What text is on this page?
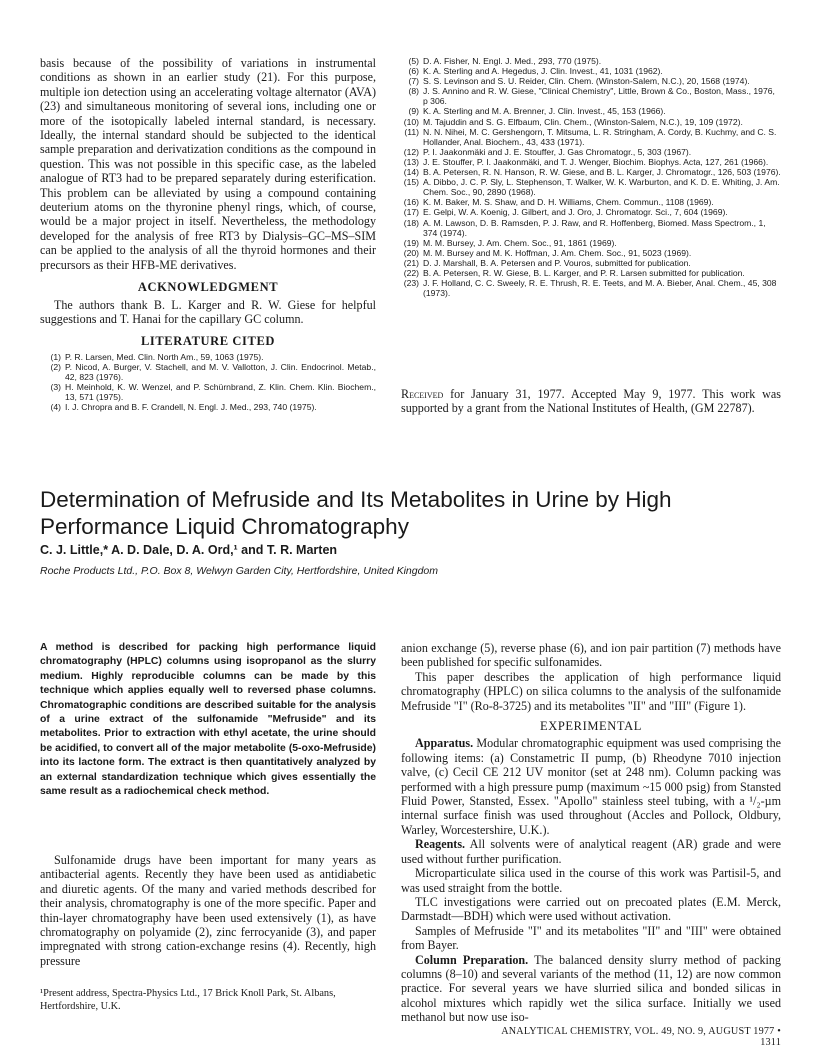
basis because of the possibility of variations in instrumental conditions as shown in an earlier study (21). For this purpose, multiple ion detection using an accelerating voltage alternator (AVA) (23) and simultaneous monitoring of several ions, including one or more of the isotopically labeled internal standard, is necessary. Ideally, the internal standard should be subjected to the identical sample preparation and derivatization conditions as the compound in question. This was not possible in this specific case, as the labeled analogue of RT3 had to be prepared separately during esterification. This problem can be alleviated by using a compound containing deuterium atoms on the thyronine phenyl rings, which, of course, would be a major project in itself. Nevertheless, the methodology developed for the analysis of free RT3 by Dialysis–GC–MS–SIM can be applied to the analysis of all the thyroid hormones and their precursors as their HFB-ME derivatives.

ACKNOWLEDGMENT

The authors thank B. L. Karger and R. W. Giese for helpful suggestions and T. Hanai for the capillary GC column.

LITERATURE CITED
(1) P. R. Larsen, Med. Clin. North Am., 59, 1063 (1975).
(2) P. Nicod, A. Burger, V. Stachell, and M. V. Vallotton, J. Clin. Endocrinol. Metab., 42, 823 (1976).
(3) H. Meinhold, K. W. Wenzel, and P. Schürnbrand, Z. Klin. Chem. Klin. Biochem., 13, 571 (1975).
(4) I. J. Chropra and B. F. Crandell, N. Engl. J. Med., 293, 740 (1975).
(5) D. A. Fisher, N. Engl. J. Med., 293, 770 (1975).
(6) K. A. Sterling and A. Hegedus, J. Clin. Invest., 41, 1031 (1962).
(7) S. S. Levinson and S. U. Reider, Clin. Chem. (Winston-Salem, N.C.), 20, 1568 (1974).
(8) J. S. Annino and R. W. Giese, "Clinical Chemistry", Little, Brown & Co., Boston, Mass., 1976, p 306.
(9) K. A. Sterling and M. A. Brenner, J. Clin. Invest., 45, 153 (1966).
(10) M. Tajuddin and S. G. Elfbaum, Clin. Chem., (Winston-Salem, N.C.), 19, 109 (1972).
(11) N. N. Nihei, M. C. Gershengorn, T. Mitsuma, L. R. Stringham, A. Cordy, B. Kuchmy, and C. S. Hollander, Anal. Biochem., 43, 433 (1971).
(12) P. I. Jaakonmäki and J. E. Stouffer, J. Gas Chromatogr., 5, 303 (1967).
(13) J. E. Stouffer, P. I. Jaakonmäki, and T. J. Wenger, Biochim. Biophys. Acta, 127, 261 (1966).
(14) B. A. Petersen, R. N. Hanson, R. W. Giese, and B. L. Karger, J. Chromatogr., 126, 503 (1976).
(15) A. Dibbo, J. C. P. Sly, L. Stephenson, T. Walker, W. K. Warburton, and K. D. E. Whiting, J. Am. Chem. Soc., 90, 2890 (1968).
(16) K. M. Baker, M. S. Shaw, and D. H. Williams, Chem. Commun., 1108 (1969).
(17) E. Gelpi, W. A. Koenig, J. Gilbert, and J. Oro, J. Chromatogr. Sci., 7, 604 (1969).
(18) A. M. Lawson, D. B. Ramsden, P. J. Raw, and R. Hoffenberg, Biomed. Mass Spectrom., 1, 374 (1974).
(19) M. M. Bursey, J. Am. Chem. Soc., 91, 1861 (1969).
(20) M. M. Bursey and M. K. Hoffman, J. Am. Chem. Soc., 91, 5023 (1969).
(21) D. J. Marshall, B. A. Petersen and P. Vouros, submitted for publication.
(22) B. A. Petersen, R. W. Giese, B. L. Karger, and P. R. Larsen submitted for publication.
(23) J. F. Holland, C. C. Sweely, R. E. Thrush, R. E. Teets, and M. A. Bieber, Anal. Chem., 45, 308 (1973).
Received for January 31, 1977. Accepted May 9, 1977. This work was supported by a grant from the National Institutes of Health, (GM 22787).
Determination of Mefruside and Its Metabolites in Urine by High Performance Liquid Chromatography
C. J. Little,* A. D. Dale, D. A. Ord,¹ and T. R. Marten
Roche Products Ltd., P.O. Box 8, Welwyn Garden City, Hertfordshire, United Kingdom
A method is described for packing high performance liquid chromatography (HPLC) columns using isopropanol as the slurry medium. Highly reproducible columns can be made by this technique which applies equally well to reversed phase columns. Chromatographic conditions are described suitable for the analysis of a urine extract of the sulfonamide "Mefruside" and its metabolites. Prior to extraction with ethyl acetate, the urine should be acidified, to convert all of the major metabolite (5-oxo-Mefruside) into its lactone form. The extract is then quantitatively analyzed by an external standardization technique which gives essentially the same result as a radiochemical check method.

Sulfonamide drugs have been important for many years as antibacterial agents. Recently they have been used as antidiabetic and diuretic agents. Of the many and varied methods described for their analysis, chromatography is one of the more specific. Paper and thin-layer chromatography have been used extensively (1), as have chromatography on polyamide (2), zinc ferrocyanide (3), and paper impregnated with strong cation-exchange resins (4). Recently, high pressure

¹Present address, Spectra-Physics Ltd., 17 Brick Knoll Park, St. Albans, Hertfordshire, U.K.

anion exchange (5), reverse phase (6), and ion pair partition (7) methods have been published for specific sulfonamides.

This paper describes the application of high performance liquid chromatography (HPLC) on silica columns to the analysis of the sulfonamide Mefruside "I" (Ro-8-3725) and its metabolites "II" and "III" (Figure 1).

EXPERIMENTAL

Apparatus. Modular chromatographic equipment was used comprising the following items: (a) Constametric II pump, (b) Rheodyne 7010 injection valve, (c) Cecil CE 212 UV monitor (set at 248 nm). Column packing was performed with a high pressure pump (maximum ~15 000 psig) from Stansted Fluid Power, Stansted, Essex. "Apollo" stainless steel tubing, with a ¹/₂-µm internal surface finish was used throughout (Accles and Pollock, Oldbury, Warley, Worcestershire, U.K.).

Reagents. All solvents were of analytical reagent (AR) grade and were used without further purification.

Microparticulate silica used in the course of this work was Partisil-5, and was used straight from the bottle.

TLC investigations were carried out on precoated plates (E.M. Merck, Darmstadt—BDH) which were used without activation.

Samples of Mefruside "I" and its metabolites "II" and "III" were obtained from Bayer.

Column Preparation. The balanced density slurry method of packing columns (8–10) and several variants of the method (11, 12) are now common practice. For several years we have slurried silica and bonded silicas in alcohol mixtures which rapidly wet the silica surface. Initially we used methanol but now use iso-

ANALYTICAL CHEMISTRY, VOL. 49, NO. 9, AUGUST 1977 • 1311
